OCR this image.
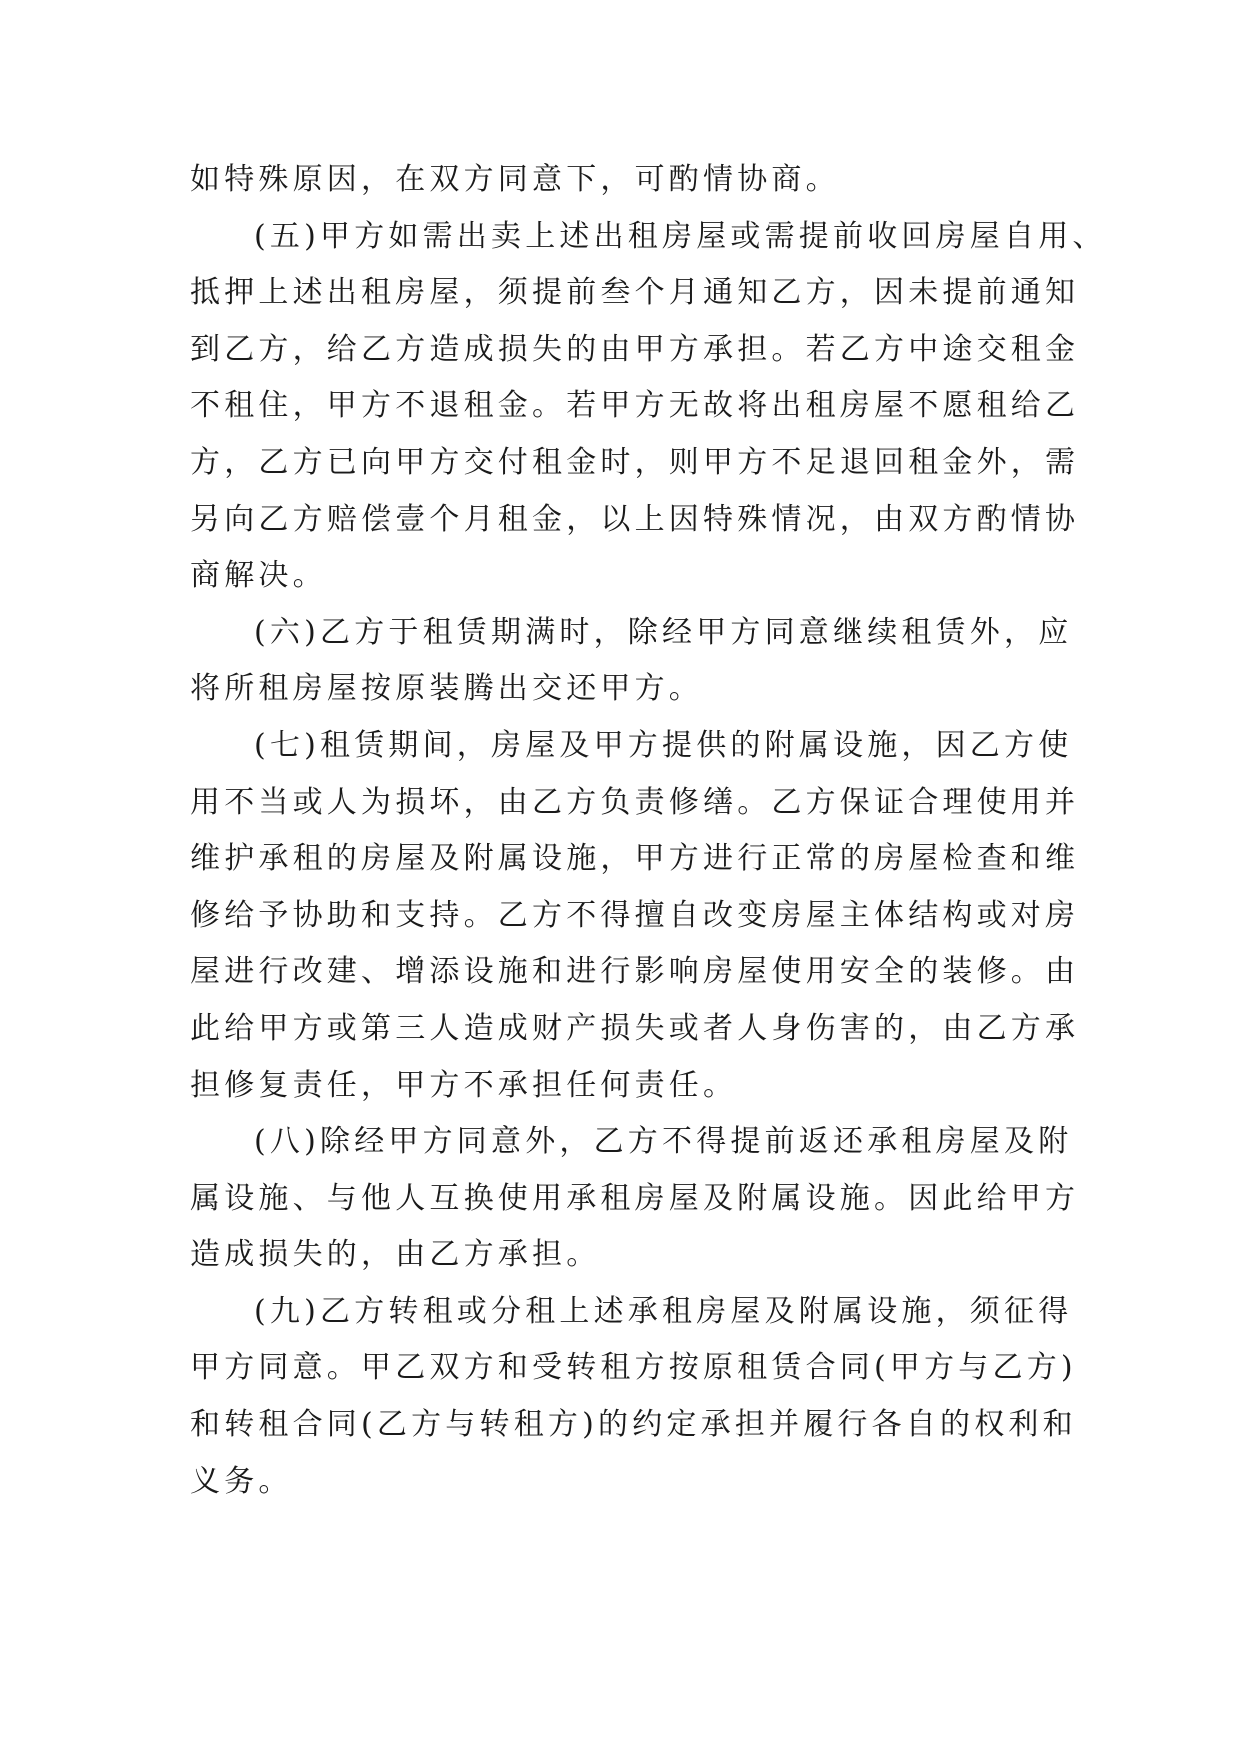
如特殊原因，在双方同意下，可酌情协商。

(五)甲方如需出卖上述出租房屋或需提前收回房屋自用、
抵押上述出租房屋，须提前叁个月通知乙方，因未提前通知
到乙方，给乙方造成损失的由甲方承担。若乙方中途交租金
不租住，甲方不退租金。若甲方无故将出租房屋不愿租给乙
方，乙方已向甲方交付租金时，则甲方不足退回租金外，需
另向乙方赔偿壹个月租金，以上因特殊情况，由双方酌情协
商解决。

(六)乙方于租赁期满时，除经甲方同意继续租赁外，应
将所租房屋按原装腾出交还甲方。

(七)租赁期间，房屋及甲方提供的附属设施，因乙方使
用不当或人为损坏，由乙方负责修缮。乙方保证合理使用并
维护承租的房屋及附属设施，甲方进行正常的房屋检查和维
修给予协助和支持。乙方不得擅自改变房屋主体结构或对房
屋进行改建、增添设施和进行影响房屋使用安全的装修。由
此给甲方或第三人造成财产损失或者人身伤害的，由乙方承
担修复责任，甲方不承担任何责任。

(八)除经甲方同意外，乙方不得提前返还承租房屋及附
属设施、与他人互换使用承租房屋及附属设施。因此给甲方
造成损失的，由乙方承担。

(九)乙方转租或分租上述承租房屋及附属设施，须征得
甲方同意。甲乙双方和受转租方按原租赁合同(甲方与乙方)
和转租合同(乙方与转租方)的约定承担并履行各自的权利和
义务。
